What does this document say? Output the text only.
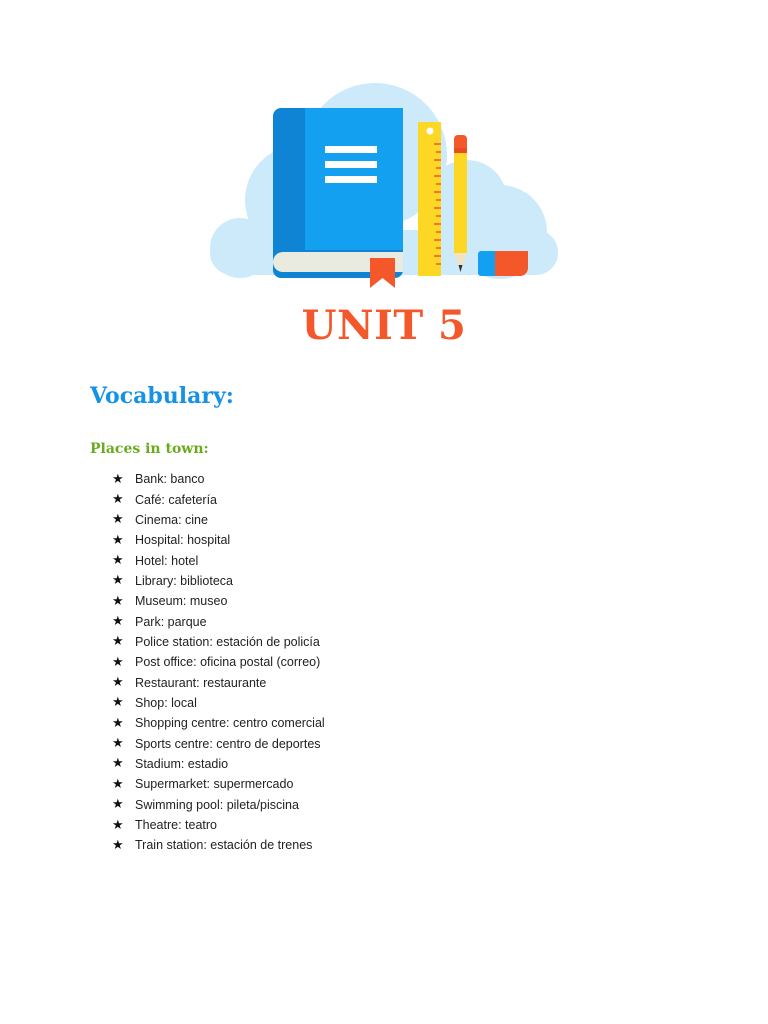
UNIT 5
Vocabulary:
Places in town:
★ Bank: banco
★ Café: cafetería
★ Cinema: cine
★ Hospital: hospital
★ Hotel: hotel
★ Library: biblioteca
★ Museum: museo
★ Park: parque
★ Police station: estación de policía
★ Post office: oficina postal (correo)
★ Restaurant: restaurante
★ Shop: local
★ Shopping centre: centro comercial
★ Sports centre: centro de deportes
★ Stadium: estadio
★ Supermarket: supermercado
★ Swimming pool: pileta/piscina
★ Theatre: teatro
★ Train station: estación de trenes
